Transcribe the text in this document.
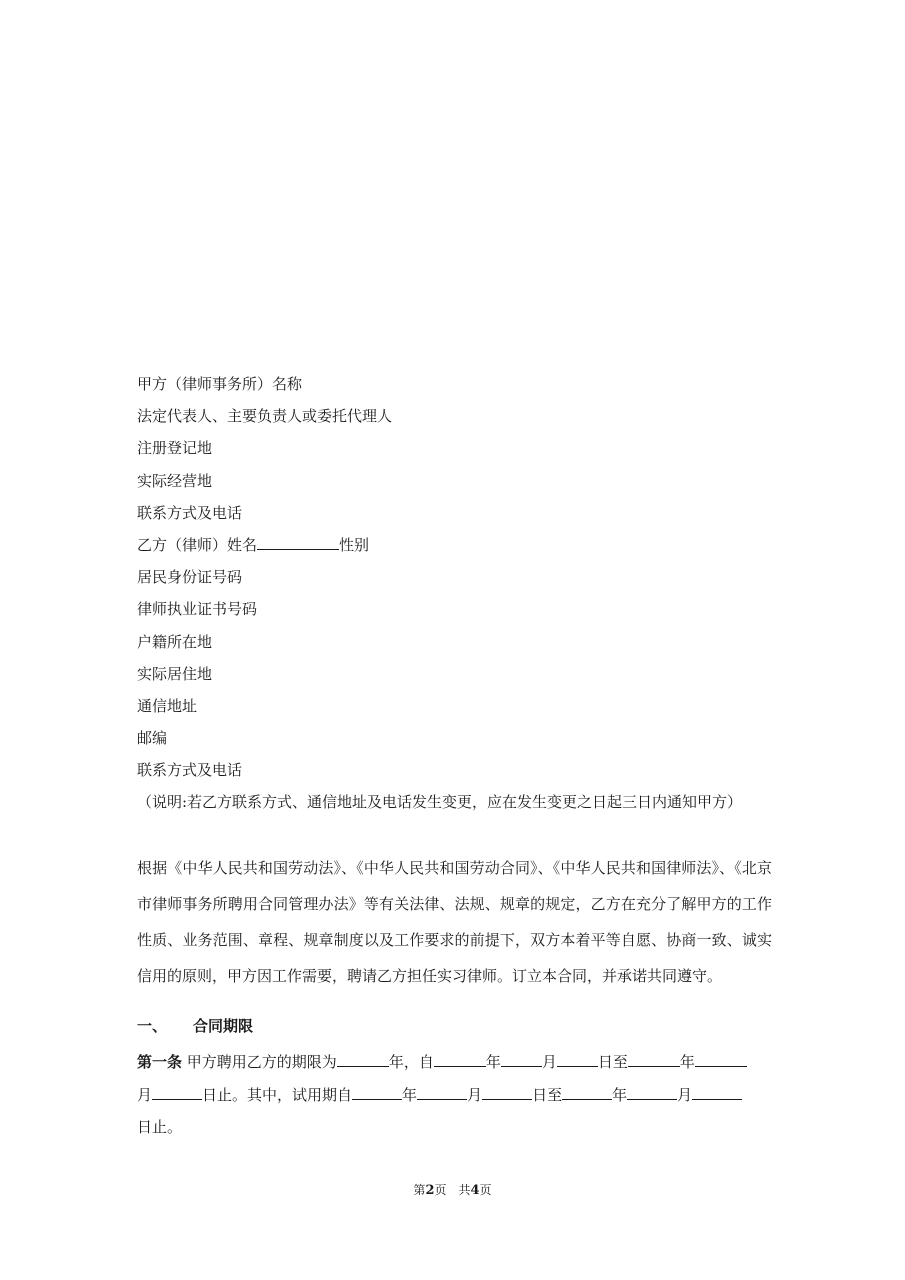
甲方（律师事务所）名称
法定代表人、主要负责人或委托代理人
注册登记地
实际经营地
联系方式及电话
乙方（律师）姓名	性别
居民身份证号码
律师执业证书号码
户籍所在地
实际居住地
通信地址
邮编
联系方式及电话
（说明:若乙方联系方式、通信地址及电话发生变更，应在发生变更之日起三日内通知甲方）

根据《中华人民共和国劳动法》、《中华人民共和国劳动合同》、《中华人民共和国律师法》、《北京市律师事务所聘用合同管理办法》等有关法律、法规、规章的规定，乙方在充分了解甲方的工作性质、业务范围、章程、规章制度以及工作要求的前提下，双方本着平等自愿、协商一致、诚实信用的原则，甲方因工作需要，聘请乙方担任实习律师。订立本合同，并承诺共同遵守。

一、 合同期限
第一条 甲方聘用乙方的期限为	年，自	年	月	日至	年
月	日止。其中，试用期自	年	月	日至	年	月
日止。
第2页　共4页
